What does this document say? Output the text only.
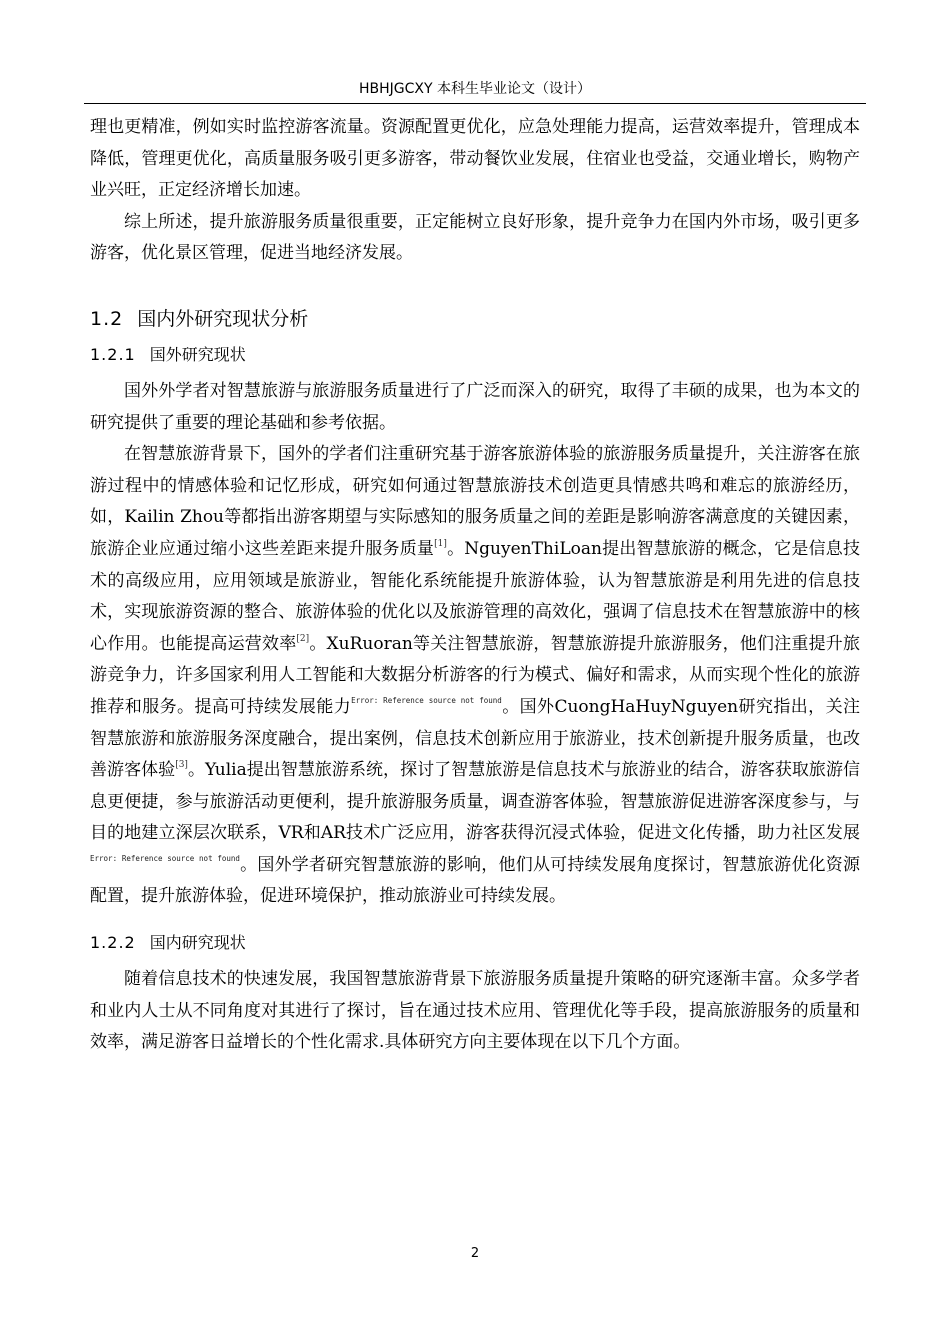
HBHJGCXY 本科生毕业论文（设计）

理也更精准，例如实时监控游客流量。资源配置更优化，应急处理能力提高，运营效率提升，管理成本降低，管理更优化，高质量服务吸引更多游客，带动餐饮业发展，住宿业也受益，交通业增长，购物产业兴旺，正定经济增长加速。

综上所述，提升旅游服务质量很重要，正定能树立良好形象，提升竞争力在国内外市场，吸引更多游客，优化景区管理，促进当地经济发展。

1.2 国内外研究现状分析
1.2.1 国外研究现状

国外外学者对智慧旅游与旅游服务质量进行了广泛而深入的研究，取得了丰硕的成果，也为本文的研究提供了重要的理论基础和参考依据。

在智慧旅游背景下，国外的学者们注重研究基于游客旅游体验的旅游服务质量提升，关注游客在旅游过程中的情感体验和记忆形成，研究如何通过智慧旅游技术创造更具情感共鸣和难忘的旅游经历，如，Kailin Zhou等都指出游客期望与实际感知的服务质量之间的差距是影响游客满意度的关键因素，旅游企业应通过缩小这些差距来提升服务质量[1]。NguyenThiLoan提出智慧旅游的概念，它是信息技术的高级应用，应用领域是旅游业，智能化系统能提升旅游体验，认为智慧旅游是利用先进的信息技术，实现旅游资源的整合、旅游体验的优化以及旅游管理的高效化，强调了信息技术在智慧旅游中的核心作用。也能提高运营效率[2]。XuRuoran等关注智慧旅游，智慧旅游提升旅游服务，他们注重提升旅游竞争力，许多国家利用人工智能和大数据分析游客的行为模式、偏好和需求，从而实现个性化的旅游推荐和服务。提高可持续发展能力$^{Error: Reference source not found}$。国外CuongHaHuyNguyen研究指出，关注智慧旅游和旅游服务深度融合，提出案例，信息技术创新应用于旅游业，技术创新提升服务质量，也改善游客体验[3]。Yulia提出智慧旅游系统，探讨了智慧旅游是信息技术与旅游业的结合，游客获取旅游信息更便捷，参与旅游活动更便利，提升旅游服务质量，调查游客体验，智慧旅游促进游客深度参与，与目的地建立深层次联系，VR和AR技术广泛应用，游客获得沉浸式体验，促进文化传播，助力社区发展$^{Error: Reference source not found}$。国外学者研究智慧旅游的影响，他们从可持续发展角度探讨，智慧旅游优化资源配置，提升旅游体验，促进环境保护，推动旅游业可持续发展。

1.2.2 国内研究现状

随着信息技术的快速发展，我国智慧旅游背景下旅游服务质量提升策略的研究逐渐丰富。众多学者和业内人士从不同角度对其进行了探讨，旨在通过技术应用、管理优化等手段，提高旅游服务的质量和效率，满足游客日益增长的个性化需求.具体研究方向主要体现在以下几个方面。

2
